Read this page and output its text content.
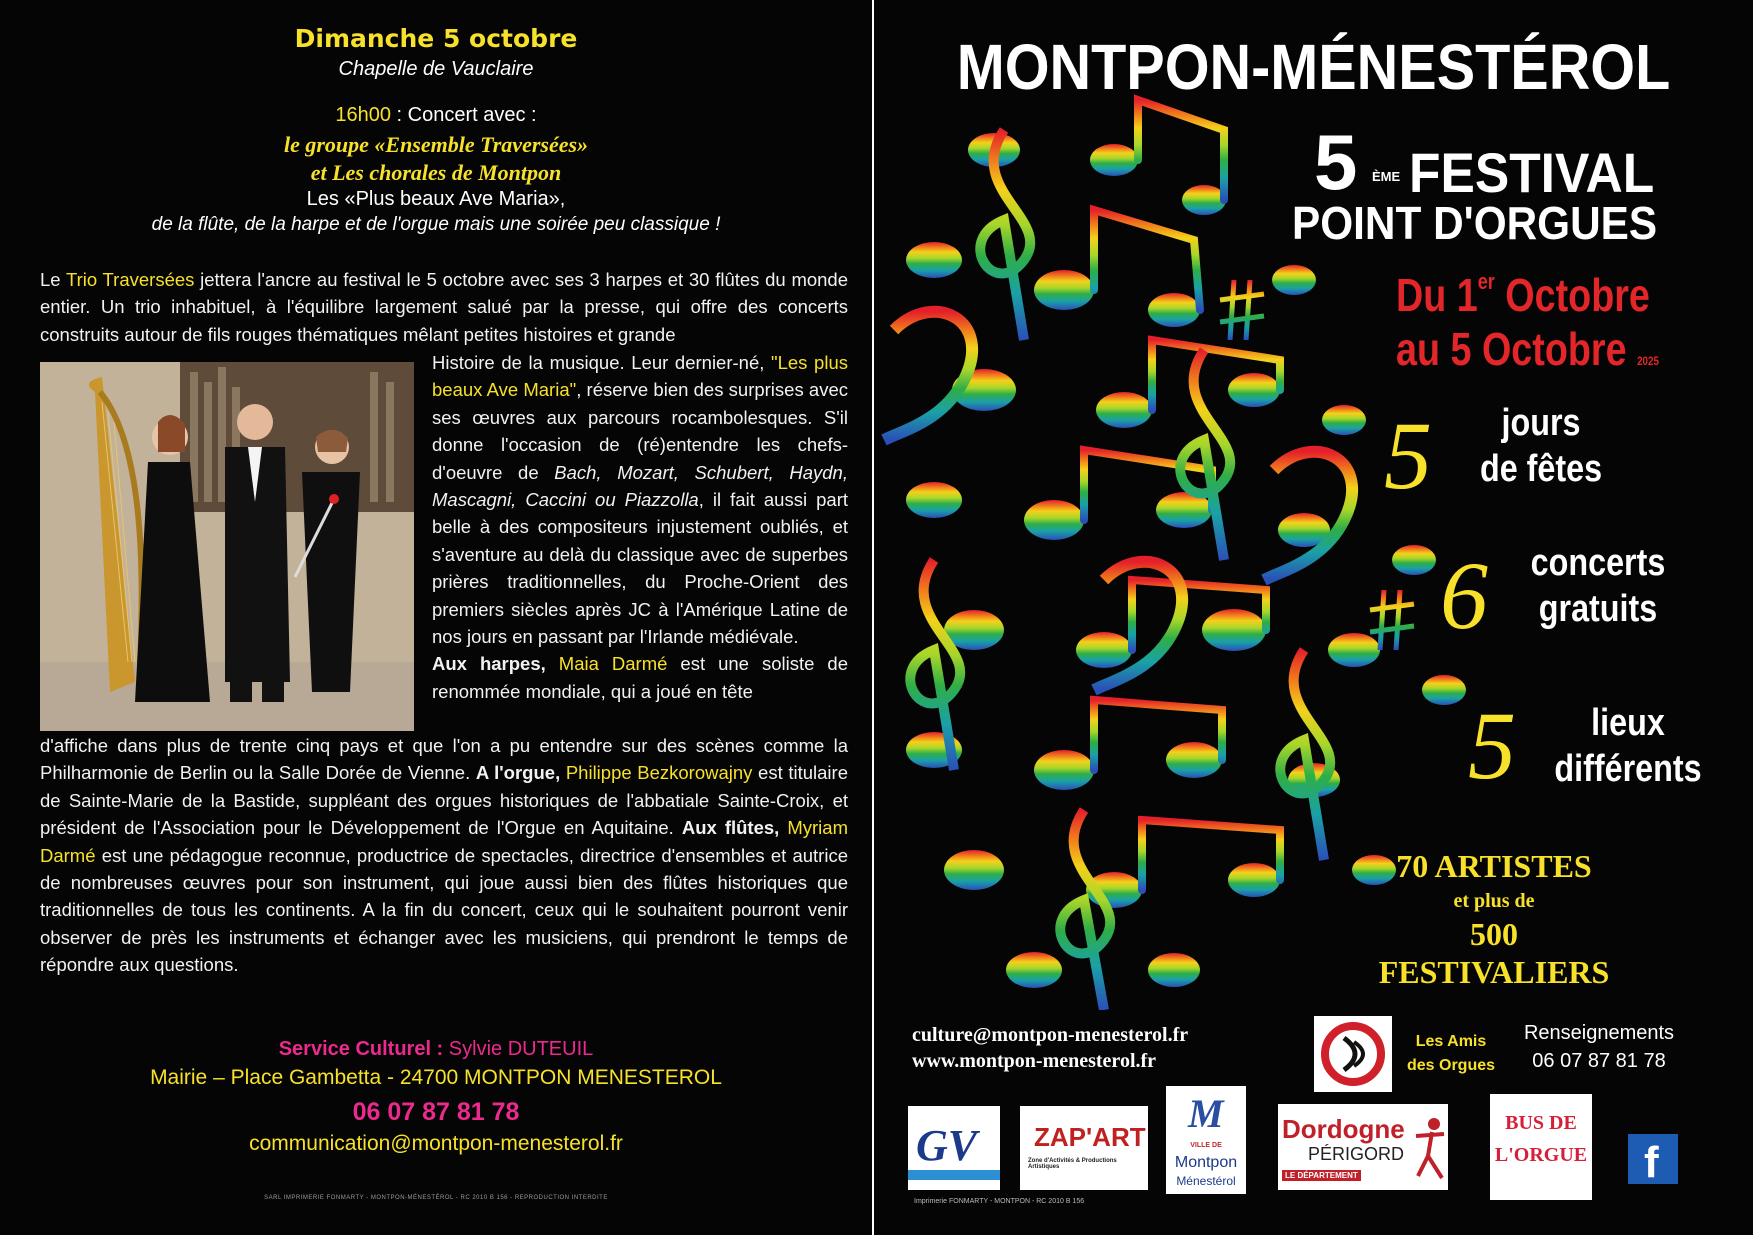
Dimanche 5 octobre
Chapelle de Vauclaire
16h00 : Concert avec :
le groupe «Ensemble Traversées»
et Les chorales de Montpon
Les «Plus beaux Ave Maria»,
de la flûte, de la harpe et de l'orgue mais une soirée peu classique !
Le Trio Traversées jettera l'ancre au festival le 5 octobre avec ses 3 harpes et 30 flûtes du monde entier. Un trio inhabituel, à l'équilibre largement salué par la presse, qui offre des concerts construits autour de fils rouges thématiques mêlant petites histoires et grande
Histoire de la musique. Leur dernier-né, "Les plus beaux Ave Maria", réserve bien des surprises avec ses œuvres aux parcours rocambolesques. S'il donne l'occasion de (ré)entendre les chefs-d'oeuvre de Bach, Mozart, Schubert, Haydn, Mascagni, Caccini ou Piazzolla, il fait aussi part belle à des compositeurs injustement oubliés, et s'aventure au delà du classique avec de superbes prières traditionnelles, du Proche-Orient des premiers siècles après JC à l'Amérique Latine de nos jours en passant par l'Irlande médiévale.
Aux harpes, Maia Darmé est une soliste de renommée mondiale, qui a joué en tête
d'affiche dans plus de trente cinq pays et que l'on a pu entendre sur des scènes comme la Philharmonie de Berlin ou la Salle Dorée de Vienne. A l'orgue, Philippe Bezkorowajny est titulaire de Sainte-Marie de la Bastide, suppléant des orgues historiques de l'abbatiale Sainte-Croix, et président de l'Association pour le Développement de l'Orgue en Aquitaine. Aux flûtes, Myriam Darmé est une pédagogue reconnue, productrice de spectacles, directrice d'ensembles et autrice de nombreuses œuvres pour son instrument, qui joue aussi bien des flûtes historiques que traditionnelles de tous les continents. A la fin du concert, ceux qui le souhaitent pourront venir observer de près les instruments et échanger avec les musiciens, qui prendront le temps de répondre aux questions.
Service Culturel : Sylvie DUTEUIL
Mairie – Place Gambetta - 24700 MONTPON MENESTEROL
06 07 87 81 78
communication@montpon-menesterol.fr
SARL IMPRIMERIE FONMARTY - MONTPON-MÉNESTÉROL - RC 2010 B 156 - REPRODUCTION INTERDITE
MONTPON-MÉNESTÉROL
5 ÈME FESTIVAL
POINT D'ORGUES
Du 1er Octobre
au 5 Octobre 2025
5	jours
de fêtes
6 concerts
gratuits
5	lieux
différents
70 ARTISTES
et plus de
500
FESTIVALIERS
culture@montpon-menesterol.fr
www.montpon-menesterol.fr
Les Amis
des Orgues
Renseignements
06 07 87 81 78
GV ZAP'ART
Zone d'Activités & Productions Artistiques
M
VILLE DE
Montpon
Ménestérol
Dordogne
PÉRIGORD
LE DÉPARTEMENT
BUS DE
L'ORGUE f
Imprimerie FONMARTY - MONTPON - RC 2010 B 156
